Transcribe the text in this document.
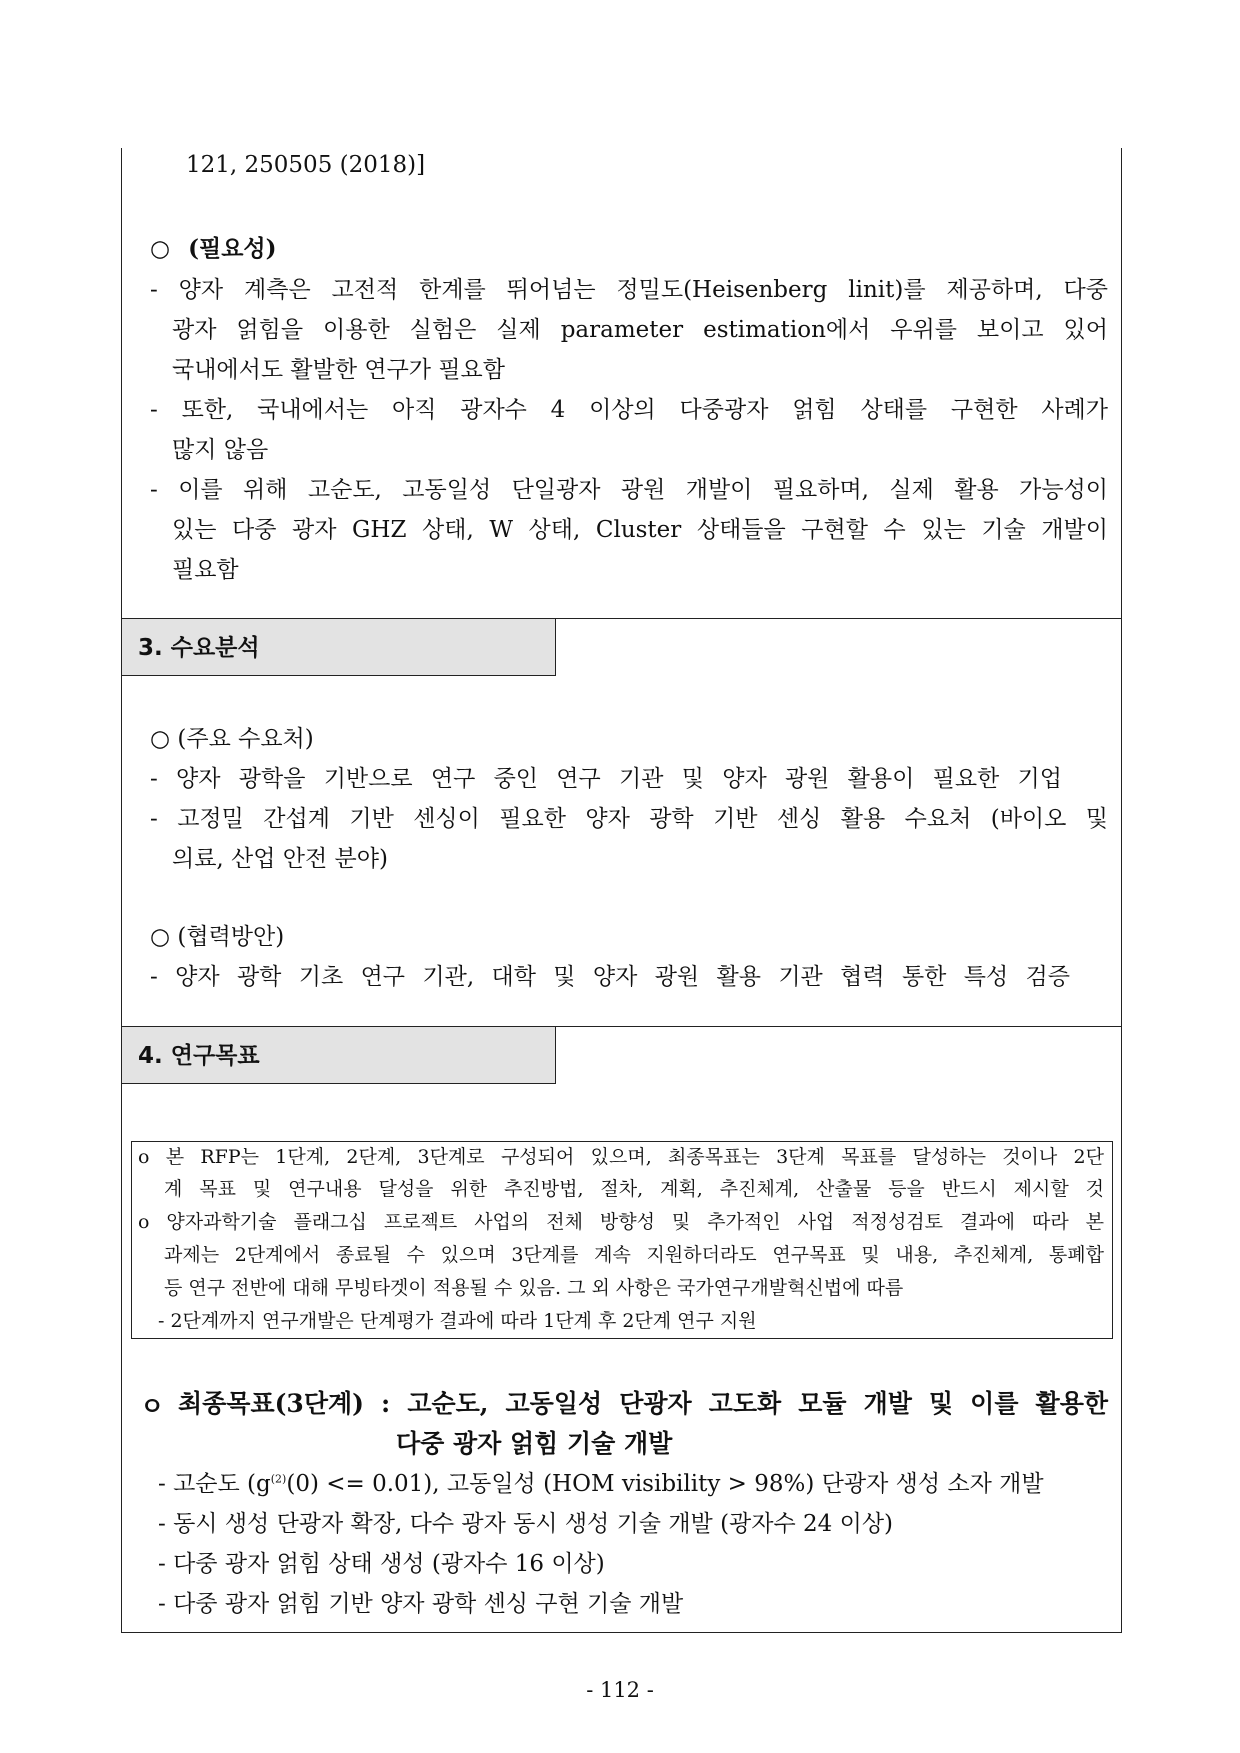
121, 250505 (2018)]
○ (필요성)
- 양자 계측은 고전적 한계를 뛰어넘는 정밀도(Heisenberg linit)를 제공하며, 다중
광자 얽힘을 이용한 실험은 실제 parameter estimation에서 우위를 보이고 있어
국내에서도 활발한 연구가 필요함
- 또한, 국내에서는 아직 광자수 4 이상의 다중광자 얽힘 상태를 구현한 사례가
많지 않음
- 이를 위해 고순도, 고동일성 단일광자 광원 개발이 필요하며, 실제 활용 가능성이
있는 다중 광자 GHZ 상태, W 상태, Cluster 상태들을 구현할 수 있는 기술 개발이
필요함
3. 수요분석
○ (주요 수요처)
- 양자 광학을 기반으로 연구 중인 연구 기관 및 양자 광원 활용이 필요한 기업
- 고정밀 간섭계 기반 센싱이 필요한 양자 광학 기반 센싱 활용 수요처 (바이오 및
의료, 산업 안전 분야)
○ (협력방안)
- 양자 광학 기초 연구 기관, 대학 및 양자 광원 활용 기관 협력 통한 특성 검증
4. 연구목표
o 본 RFP는 1단계, 2단계, 3단계로 구성되어 있으며, 최종목표는 3단계 목표를 달성하는 것이나 2단
계 목표 및 연구내용 달성을 위한 추진방법, 절차, 계획, 추진체계, 산출물 등을 반드시 제시할 것
o 양자과학기술 플래그십 프로젝트 사업의 전체 방향성 및 추가적인 사업 적정성검토 결과에 따라 본
과제는 2단계에서 종료될 수 있으며 3단계를 계속 지원하더라도 연구목표 및 내용, 추진체계, 통폐합
등 연구 전반에 대해 무빙타겟이 적용될 수 있음. 그 외 사항은 국가연구개발혁신법에 따름
- 2단계까지 연구개발은 단계평가 결과에 따라 1단계 후 2단계 연구 지원
ㅇ 최종목표(3단계) : 고순도, 고동일성 단광자 고도화 모듈 개발 및 이를 활용한
다중 광자 얽힘 기술 개발
- 고순도 $(g^{(2)}(0) <= 0.01)$, 고동일성 (HOM visibility > 98%) 단광자 생성 소자 개발
- 동시 생성 단광자 확장, 다수 광자 동시 생성 기술 개발 (광자수 24 이상)
- 다중 광자 얽힘 상태 생성 (광자수 16 이상)
- 다중 광자 얽힘 기반 양자 광학 센싱 구현 기술 개발
- 112 -
